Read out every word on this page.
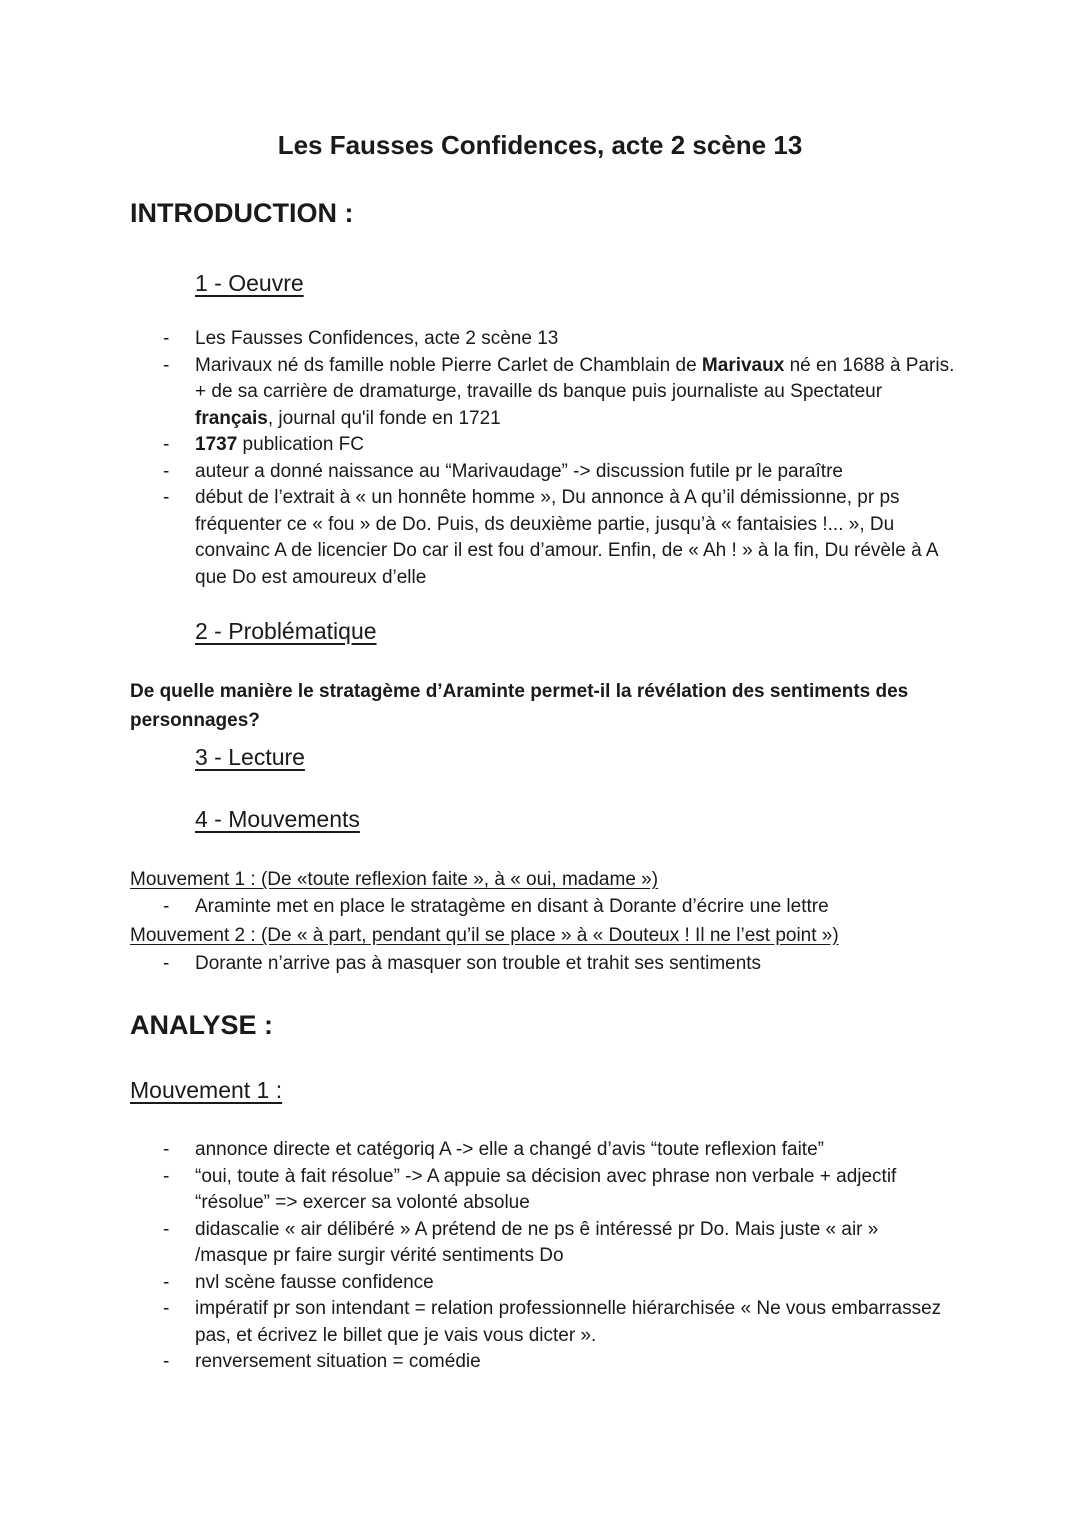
Les Fausses Confidences, acte 2 scène 13
INTRODUCTION :
1 - Oeuvre
- Les Fausses Confidences, acte 2 scène 13
- Marivaux né ds famille noble Pierre Carlet de Chamblain de Marivaux né en 1688 à Paris. + de sa carrière de dramaturge, travaille ds banque puis journaliste au Spectateur français, journal qu'il fonde en 1721
- 1737 publication FC
- auteur a donné naissance au “Marivaudage” -> discussion futile pr le paraître
- début de l’extrait à « un honnête homme », Du annonce à A qu’il démissionne, pr ps fréquenter ce « fou » de Do. Puis, ds deuxième partie, jusqu’à « fantaisies !... », Du convainc A de licencier Do car il est fou d’amour. Enfin, de « Ah ! » à la fin, Du révèle à A que Do est amoureux d’elle
2 - Problématique
De quelle manière le stratagème d’Araminte permet-il la révélation des sentiments des personnages?
3 - Lecture
4 - Mouvements
Mouvement 1 : (De «toute reflexion faite », à « oui, madame »)
- Araminte met en place le stratagème en disant à Dorante d’écrire une lettre
Mouvement 2 : (De « à part, pendant qu’il se place » à « Douteux ! Il ne l’est point »)
- Dorante n’arrive pas à masquer son trouble et trahit ses sentiments
ANALYSE :
Mouvement 1 :
- annonce directe et catégoriq A -> elle a changé d’avis “toute reflexion faite”
- “oui, toute à fait résolue” -> A appuie sa décision avec phrase non verbale + adjectif “résolue” => exercer sa volonté absolue
- didascalie « air délibéré » A prétend de ne ps ê intéressé pr Do. Mais juste « air » /masque pr faire surgir vérité sentiments Do
- nvl scène fausse confidence
- impératif pr son intendant = relation professionnelle hiérarchisée « Ne vous embarrassez pas, et écrivez le billet que je vais vous dicter ».
- renversement situation = comédie
